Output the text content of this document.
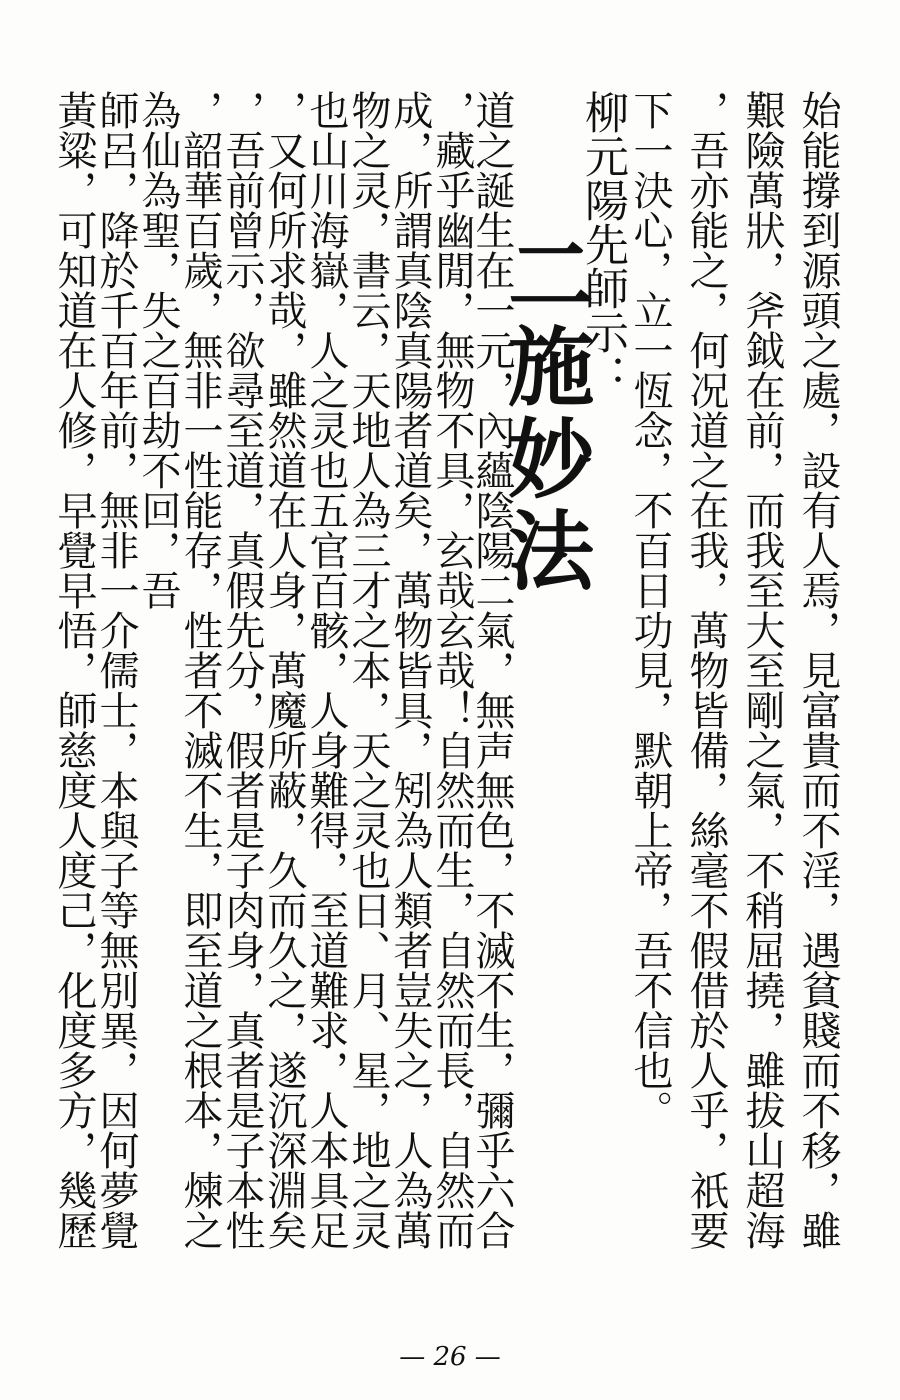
始能撐到源頭之處，設有人焉，見富貴而不淫，遇貧賤而不移，雖
艱險萬狀，斧鉞在前，而我至大至剛之氣，不稍屈撓，雖拔山超海
，吾亦能之，何况道之在我，萬物皆備，絲毫不假借於人乎，祇要
下一決心，立一恆念，不百日功見，默朝上帝，吾不信也。
柳元陽先師示：
二施妙法
道之誕生在一元，內蘊陰陽二氣，無声無色，不滅不生，彌乎六合
，藏乎幽閒，無物不具，玄哉玄哉！自然而生，自然而長，自然而
成，所謂真陰真陽者道矣，萬物皆具，矧為人類者豈失之，人為萬
物之灵，書云，天地人為三才之本，天之灵也日、月、星，地之灵
也山川海嶽，人之灵也五官百骸，人身難得，至道難求，人本具足
，又何所求哉，雖然道在人身，萬魔所蔽，久而久之，遂沉深淵矣
，吾前曾示，欲尋至道，真假先分，假者是子肉身，真者是子本性
，韶華百歲，無非一性能存，性者不滅不生，即至道之根本，煉之
為仙為聖，失之百劫不回，吾
師呂，降於千百年前，無非一介儒士，本與子等無別異，因何夢覺
黃粱，可知道在人修，早覺早悟，師慈度人度己，化度多方，幾歷
— 26 —
